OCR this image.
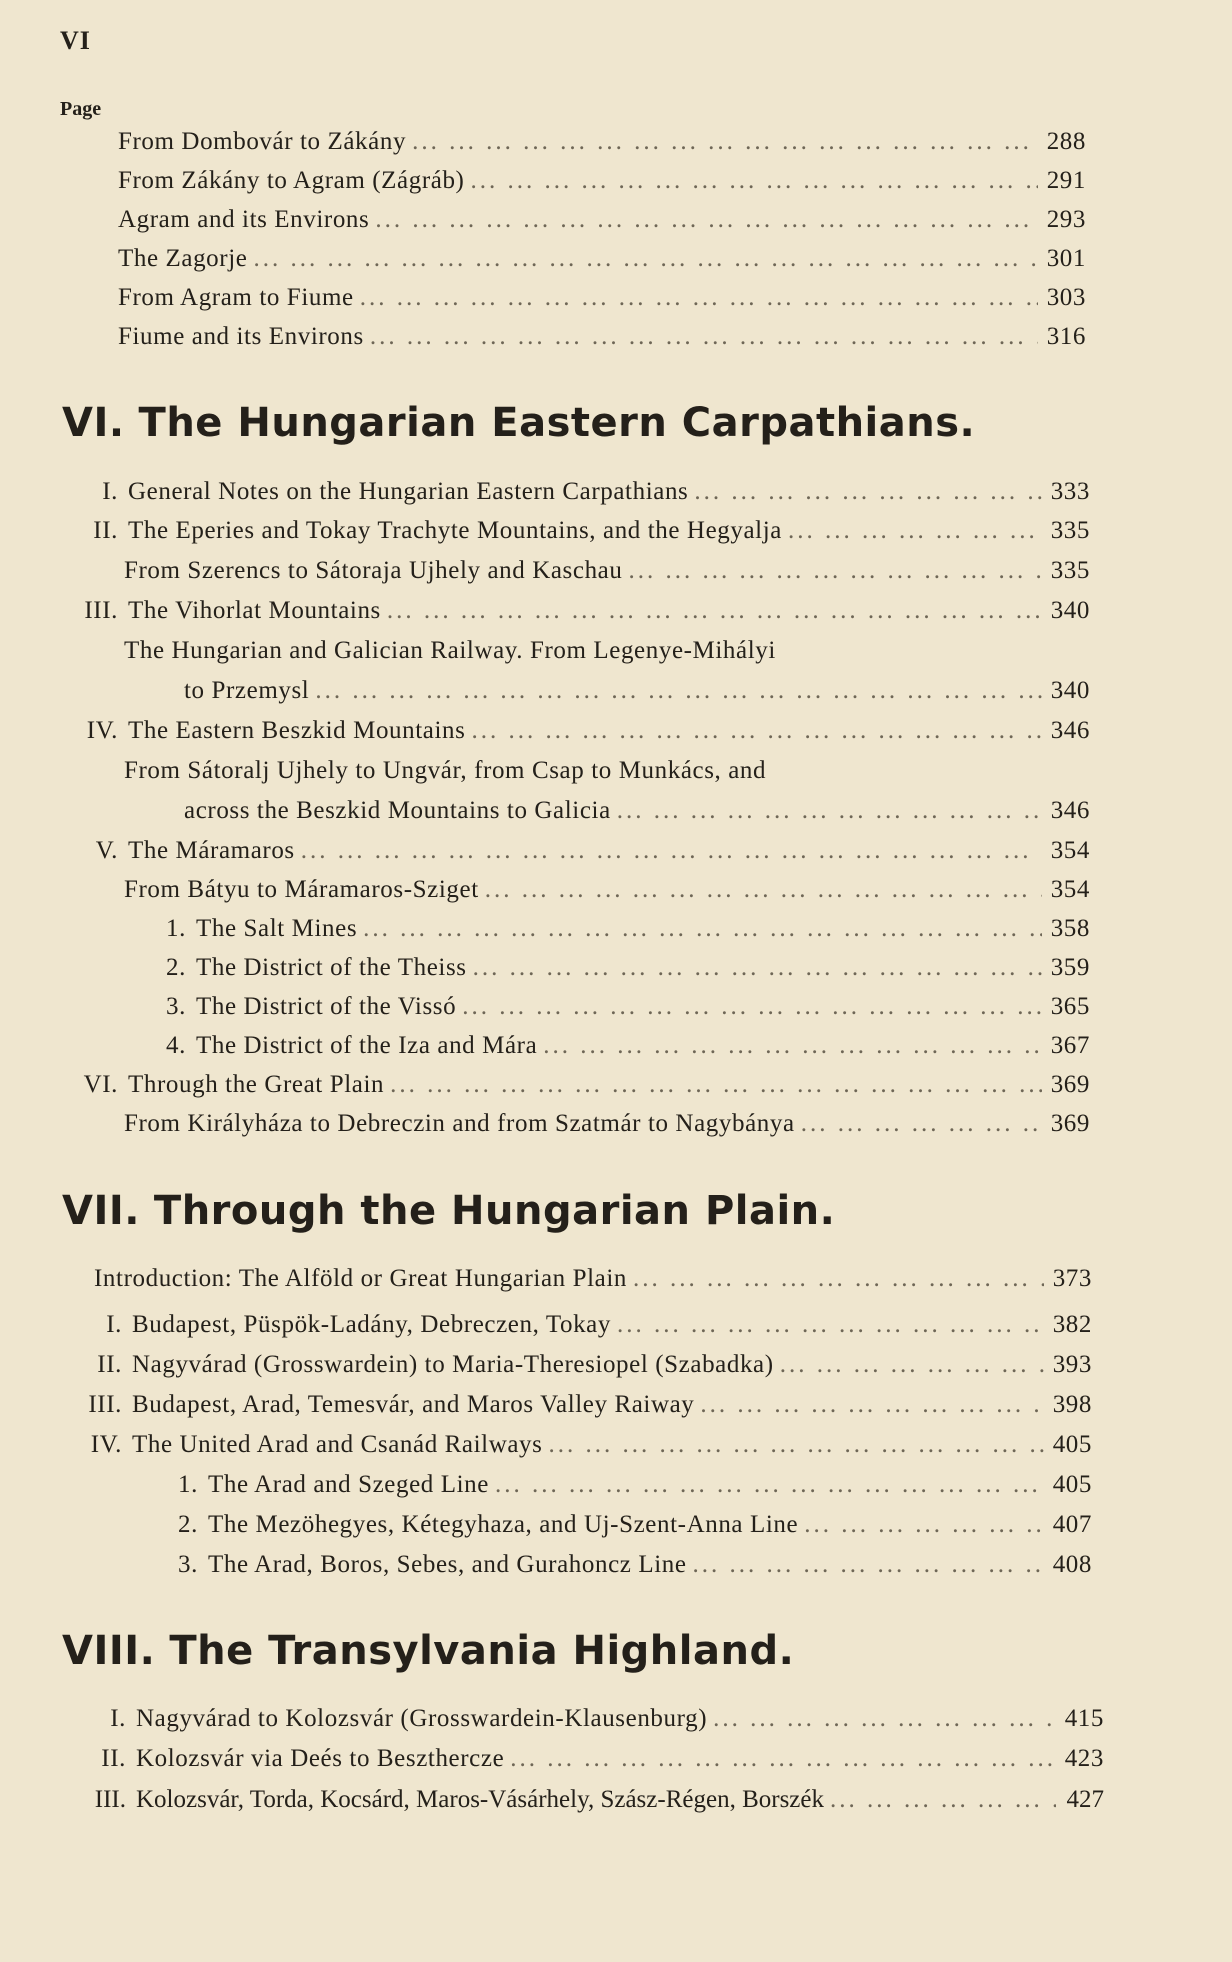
VI
Page
From Dombovár to Zákány ... .	288
From Zákány to Agram (Zágráb) ... .	291
Agram and its Environs ... .	293
The Zagorje ... .	301
From Agram to Fiume ... .	303
Fiume and its Environs ... .	316
VI. The Hungarian Eastern Carpathians.
I. General Notes on the Hungarian Eastern Carpathians ... .	333
II. The Eperies and Tokay Trachyte Mountains, and the Hegyalja ... .	335
From Szerencs to Sátoraja Ujhely and Kaschau ... .	335
III. The Vihorlat Mountains ... .	340
The Hungarian and Galician Railway. From Legenye-Mihályi
to Przemysl ... .	340
IV. The Eastern Beszkid Mountains ... .	346
From Sátoralj Ujhely to Ungvár, from Csap to Munkács, and
across the Beszkid Mountains to Galicia ... .	346
V. The Máramaros ... .	354
From Bátyu to Máramaros-Sziget ... .	354
1. The Salt Mines ... .	358
2. The District of the Theiss ... .	359
3. The District of the Vissó ... .	365
4. The District of the Iza and Mára ... .	367
VI. Through the Great Plain ... .	369
From Királyháza to Debreczin and from Szatmár to Nagybánya ... .	369
VII. Through the Hungarian Plain.
Introduction: The Alföld or Great Hungarian Plain ... .	373
I. Budapest, Püspök-Ladány, Debreczen, Tokay ... .	382
II. Nagyvárad (Grosswardein) to Maria-Theresiopel (Szabadka) ... .	393
III. Budapest, Arad, Temesvár, and Maros Valley Raiway ... .	398
IV. The United Arad and Csanád Railways ... .	405
1. The Arad and Szeged Line ... .	405
2. The Mezöhegyes, Kétegyhaza, and Uj-Szent-Anna Line ... .	407
3. The Arad, Boros, Sebes, and Gurahoncz Line ... .	408
VIII. The Transylvania Highland.
I. Nagyvárad to Kolozsvár (Grosswardein-Klausenburg) ... .	415
II. Kolozsvár via Deés to Beszthercze ... .	423
III. Kolozsvár, Torda, Kocsárd, Maros-Vásárhely, Szász-Régen, Borszék ... .	427
